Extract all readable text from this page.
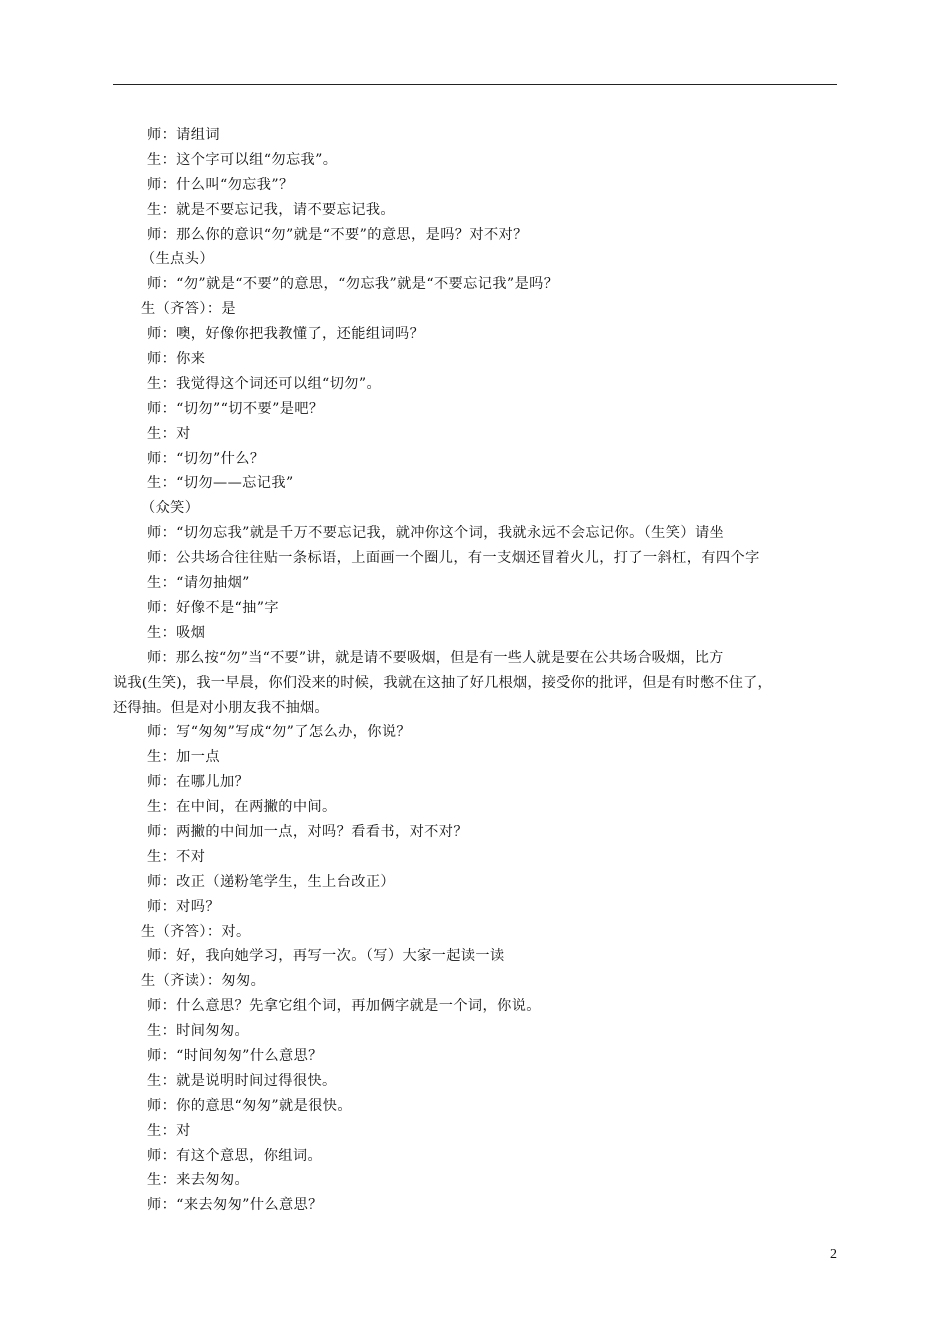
师：请组词
生：这个字可以组“勿忘我”。
师：什么叫“勿忘我”？
生：就是不要忘记我，请不要忘记我。
师：那么你的意识“勿”就是“不要”的意思，是吗？对不对？
（生点头）
师：“勿”就是“不要”的意思，“勿忘我”就是“不要忘记我”是吗？
生（齐答）：是
师：噢，好像你把我教懂了，还能组词吗？
师：你来
生：我觉得这个词还可以组“切勿”。
师：“切勿”“切不要”是吧？
生：对
师：“切勿”什么？
生：“切勿——忘记我”
（众笑）
师：“切勿忘我”就是千万不要忘记我，就冲你这个词，我就永远不会忘记你。（生笑）请坐
师：公共场合往往贴一条标语，上面画一个圈儿，有一支烟还冒着火儿，打了一斜杠，有四个字
生：“请勿抽烟”
师：好像不是“抽”字
生：吸烟
师：那么按“勿”当“不要”讲，就是请不要吸烟，但是有一些人就是要在公共场合吸烟，比方
说我(生笑)，我一早晨，你们没来的时候，我就在这抽了好几根烟，接受你的批评，但是有时憋不住了，
还得抽。但是对小朋友我不抽烟。
师：写“匆匆”写成“勿”了怎么办，你说？
生：加一点
师：在哪儿加？
生：在中间，在两撇的中间。
师：两撇的中间加一点，对吗？看看书，对不对？
生：不对
师：改正（递粉笔学生，生上台改正）
师：对吗？
生（齐答）：对。
师：好，我向她学习，再写一次。（写）大家一起读一读
生（齐读）：匆匆。
师：什么意思？先拿它组个词，再加俩字就是一个词，你说。
生：时间匆匆。
师：“时间匆匆”什么意思？
生：就是说明时间过得很快。
师：你的意思“匆匆”就是很快。
生：对
师：有这个意思，你组词。
生：来去匆匆。
师：“来去匆匆”什么意思？
2
